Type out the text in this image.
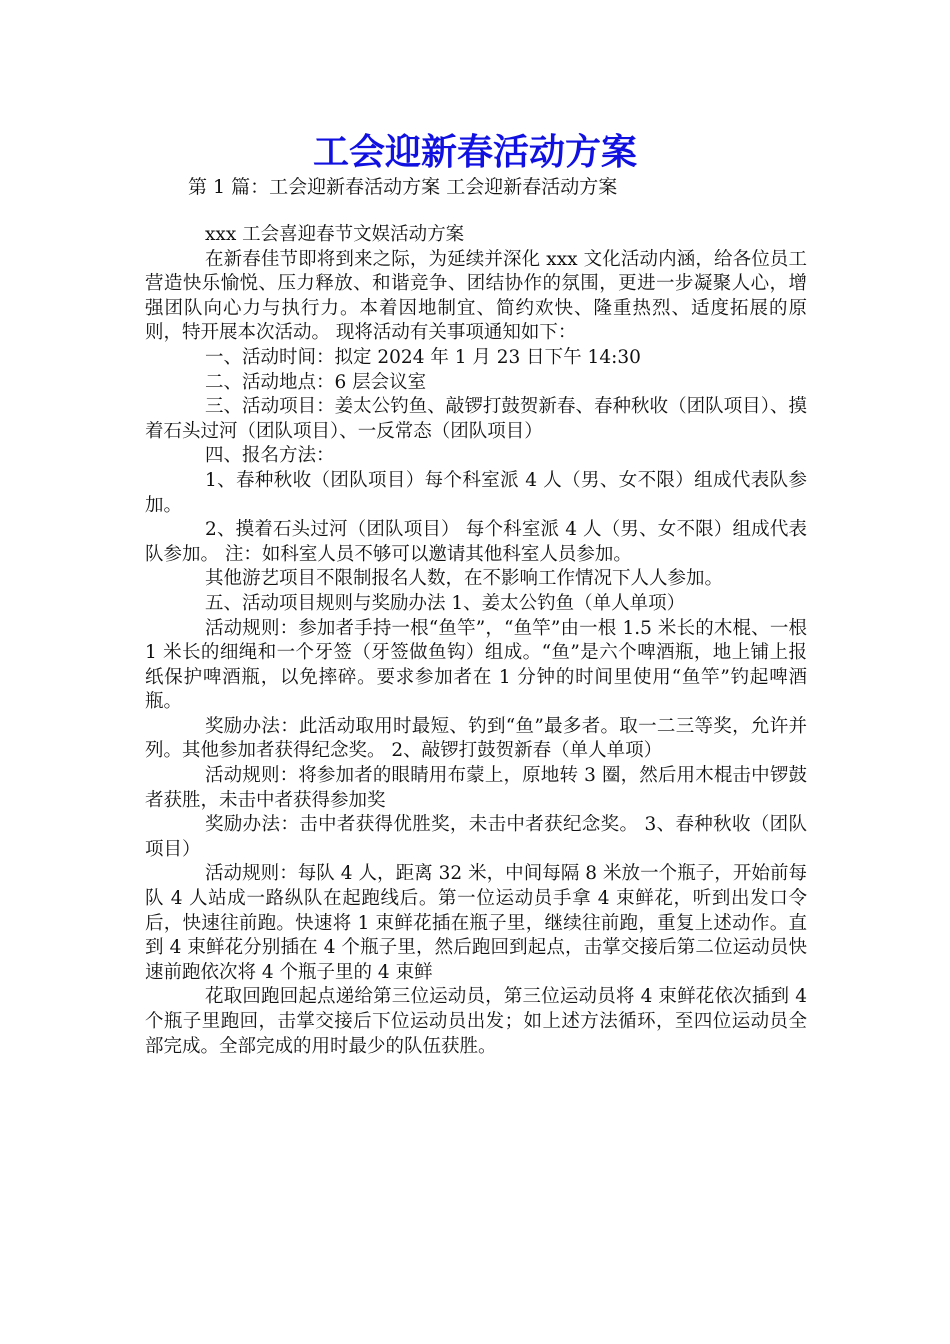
工会迎新春活动方案
第 1 篇：工会迎新春活动方案 工会迎新春活动方案

xxx 工会喜迎春节文娱活动方案

在新春佳节即将到来之际，为延续并深化 xxx 文化活动内涵，给各位员工营造快乐愉悦、压力释放、和谐竞争、团结协作的氛围，更进一步凝聚人心，增强团队向心力与执行力。本着因地制宜、简约欢快、隆重热烈、适度拓展的原则，特开展本次活动。 现将活动有关事项通知如下：

一、活动时间：拟定 2024 年 1 月 23 日下午 14:30

二、活动地点：6 层会议室

三、活动项目：姜太公钓鱼、敲锣打鼓贺新春、春种秋收（团队项目）、摸着石头过河（团队项目）、一反常态（团队项目）

四、报名方法：

1、春种秋收（团队项目）每个科室派 4 人（男、女不限）组成代表队参加。

2、摸着石头过河（团队项目） 每个科室派 4 人（男、女不限）组成代表队参加。 注：如科室人员不够可以邀请其他科室人员参加。

其他游艺项目不限制报名人数，在不影响工作情况下人人参加。

五、活动项目规则与奖励办法 1、姜太公钓鱼（单人单项）

活动规则：参加者手持一根“鱼竿”，“鱼竿”由一根 1.5 米长的木棍、一根 1 米长的细绳和一个牙签（牙签做鱼钩）组成。“鱼”是六个啤酒瓶，地上铺上报纸保护啤酒瓶，以免摔碎。要求参加者在 1 分钟的时间里使用“鱼竿”钓起啤酒瓶。

奖励办法：此活动取用时最短、钓到“鱼”最多者。取一二三等奖，允许并列。其他参加者获得纪念奖。 2、敲锣打鼓贺新春（单人单项）

活动规则：将参加者的眼睛用布蒙上，原地转 3 圈，然后用木棍击中锣鼓者获胜，未击中者获得参加奖

奖励办法：击中者获得优胜奖，未击中者获纪念奖。 3、春种秋收（团队项目）

活动规则：每队 4 人，距离 32 米，中间每隔 8 米放一个瓶子，开始前每队 4 人站成一路纵队在起跑线后。第一位运动员手拿 4 束鲜花，听到出发口令后，快速往前跑。快速将 1 束鲜花插在瓶子里，继续往前跑，重复上述动作。直到 4 束鲜花分别插在 4 个瓶子里，然后跑回到起点，击掌交接后第二位运动员快速前跑依次将 4 个瓶子里的 4 束鲜

花取回跑回起点递给第三位运动员，第三位运动员将 4 束鲜花依次插到 4 个瓶子里跑回，击掌交接后下位运动员出发；如上述方法循环，至四位运动员全部完成。全部完成的用时最少的队伍获胜。
